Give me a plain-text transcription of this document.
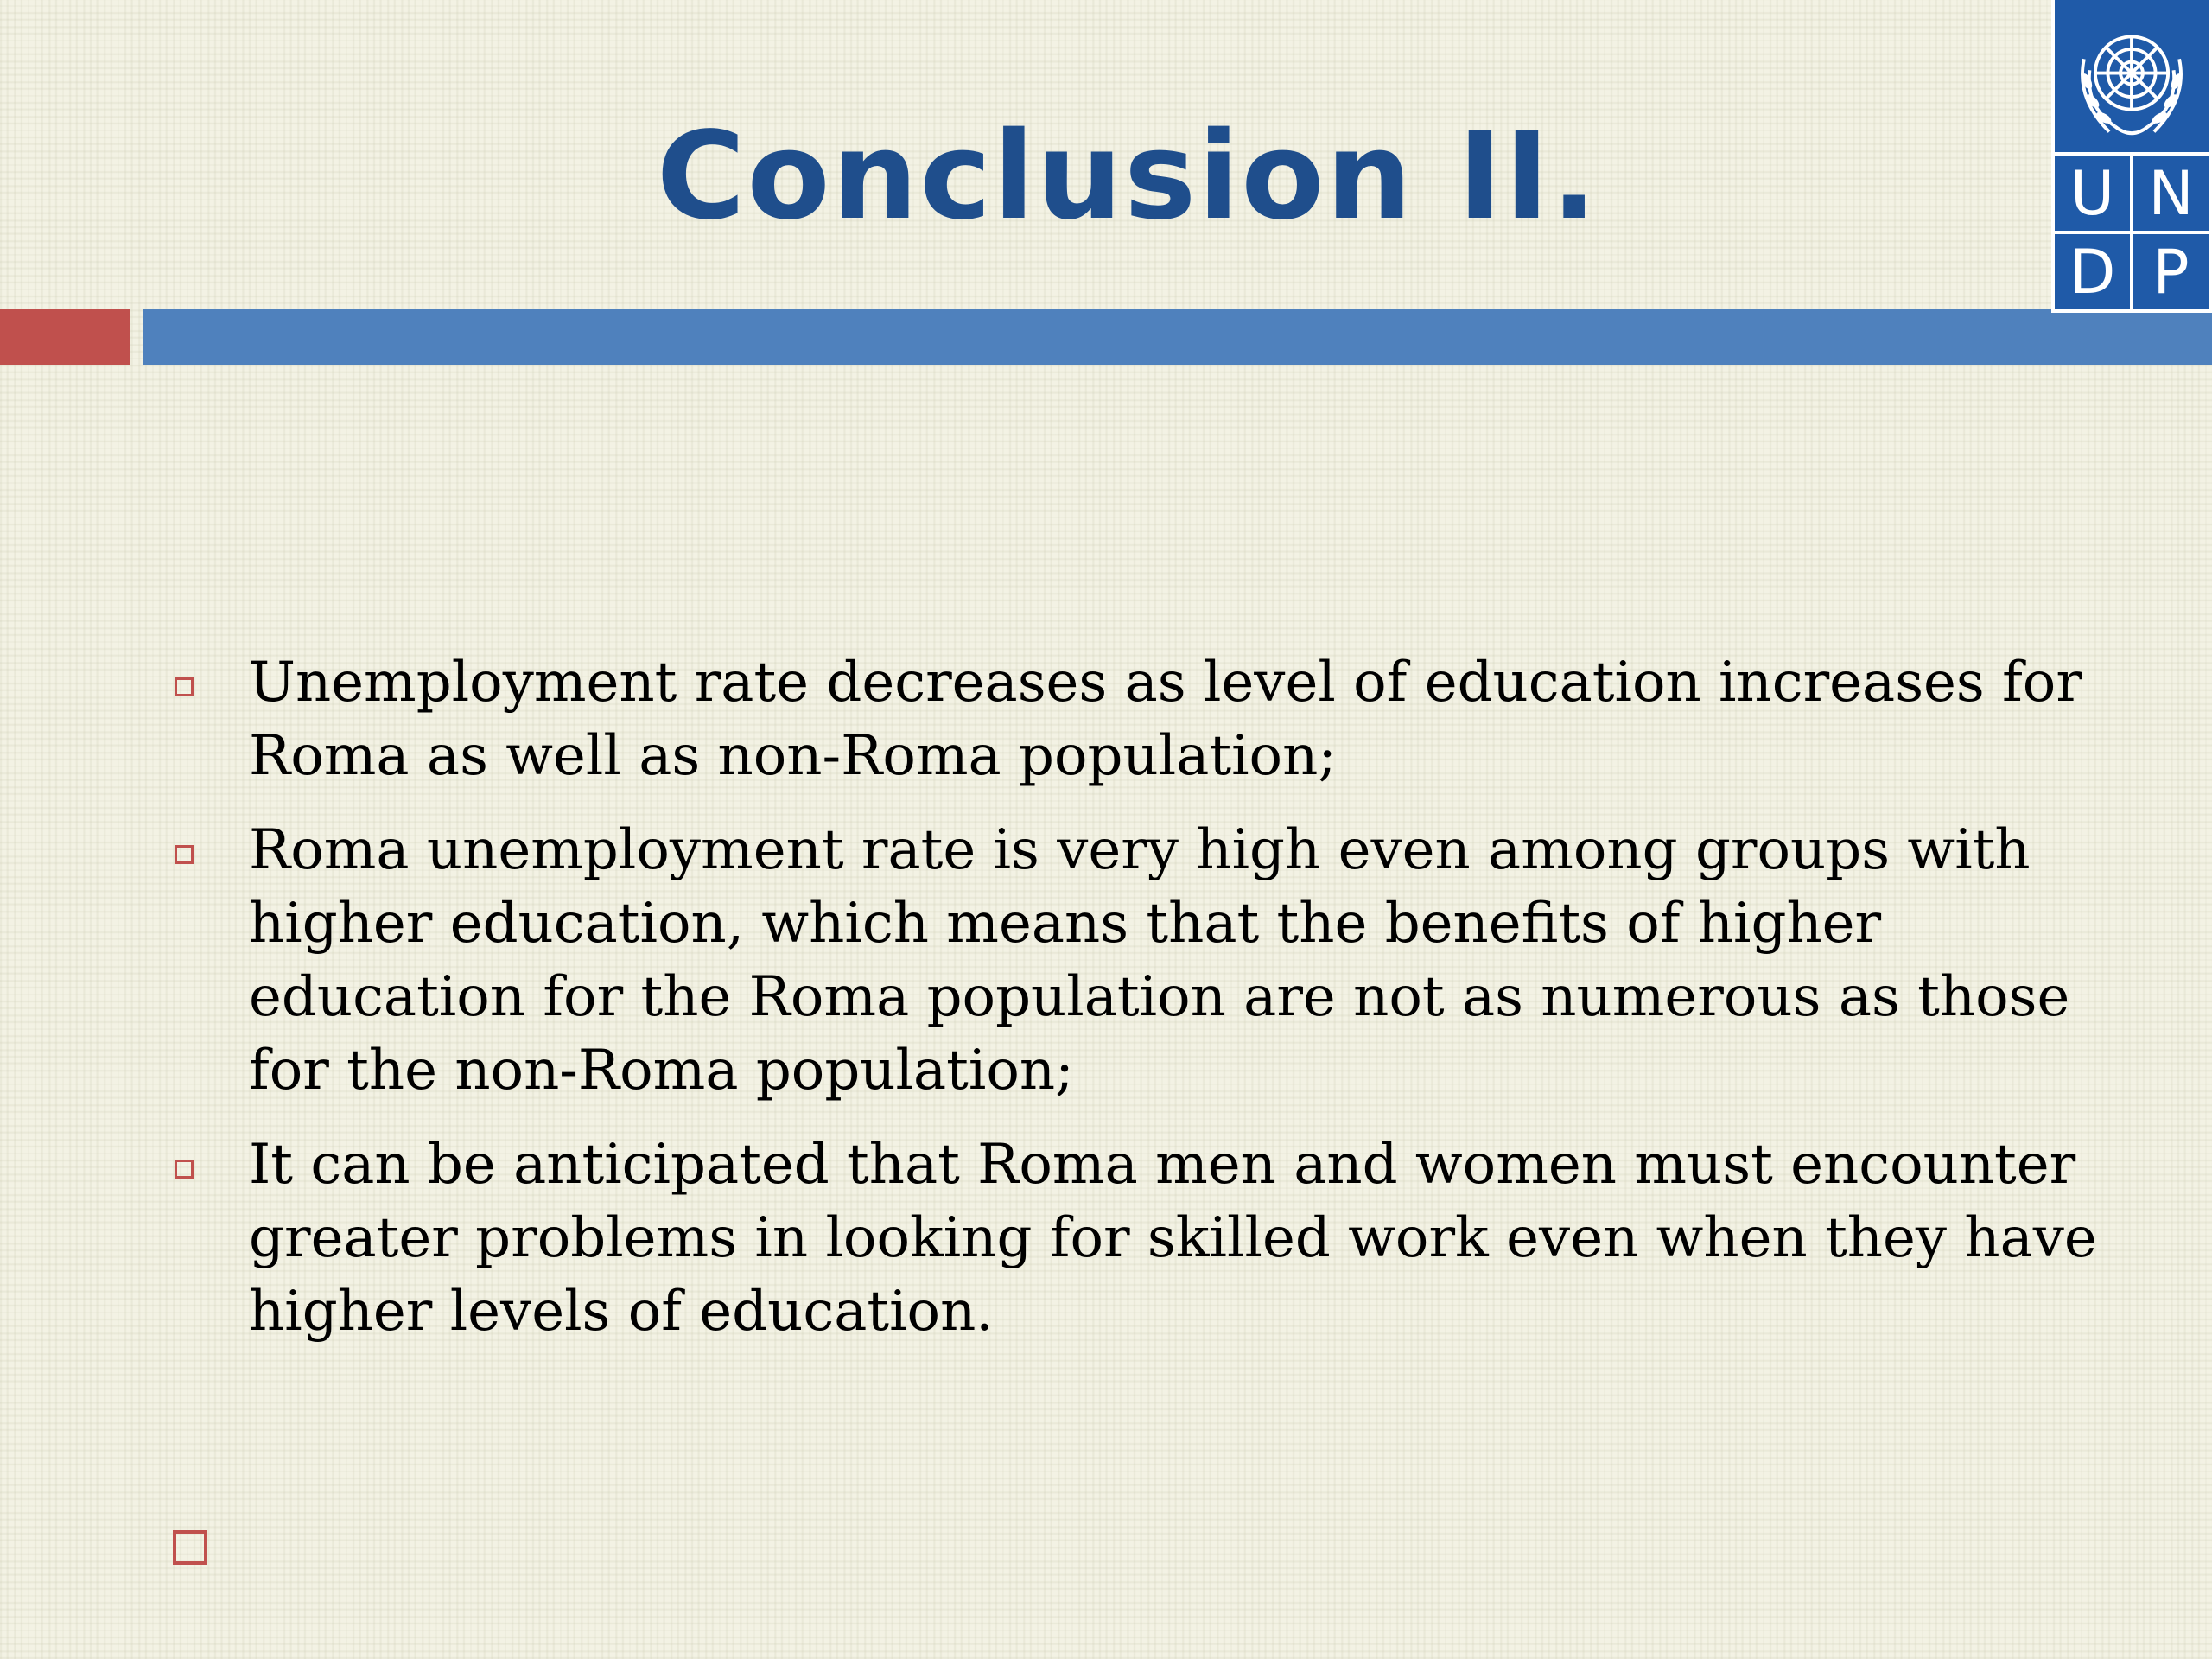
Conclusion II.	U N
D P
Unemployment rate decreases as level of education increases for Roma as well as non-Roma population;
Roma unemployment rate is very high even among groups with higher education, which means that the benefits of higher education for the Roma population are not as numerous as those for the non-Roma population;
It can be anticipated that Roma men and women must encounter greater problems in looking for skilled work even when they have higher levels of education.
